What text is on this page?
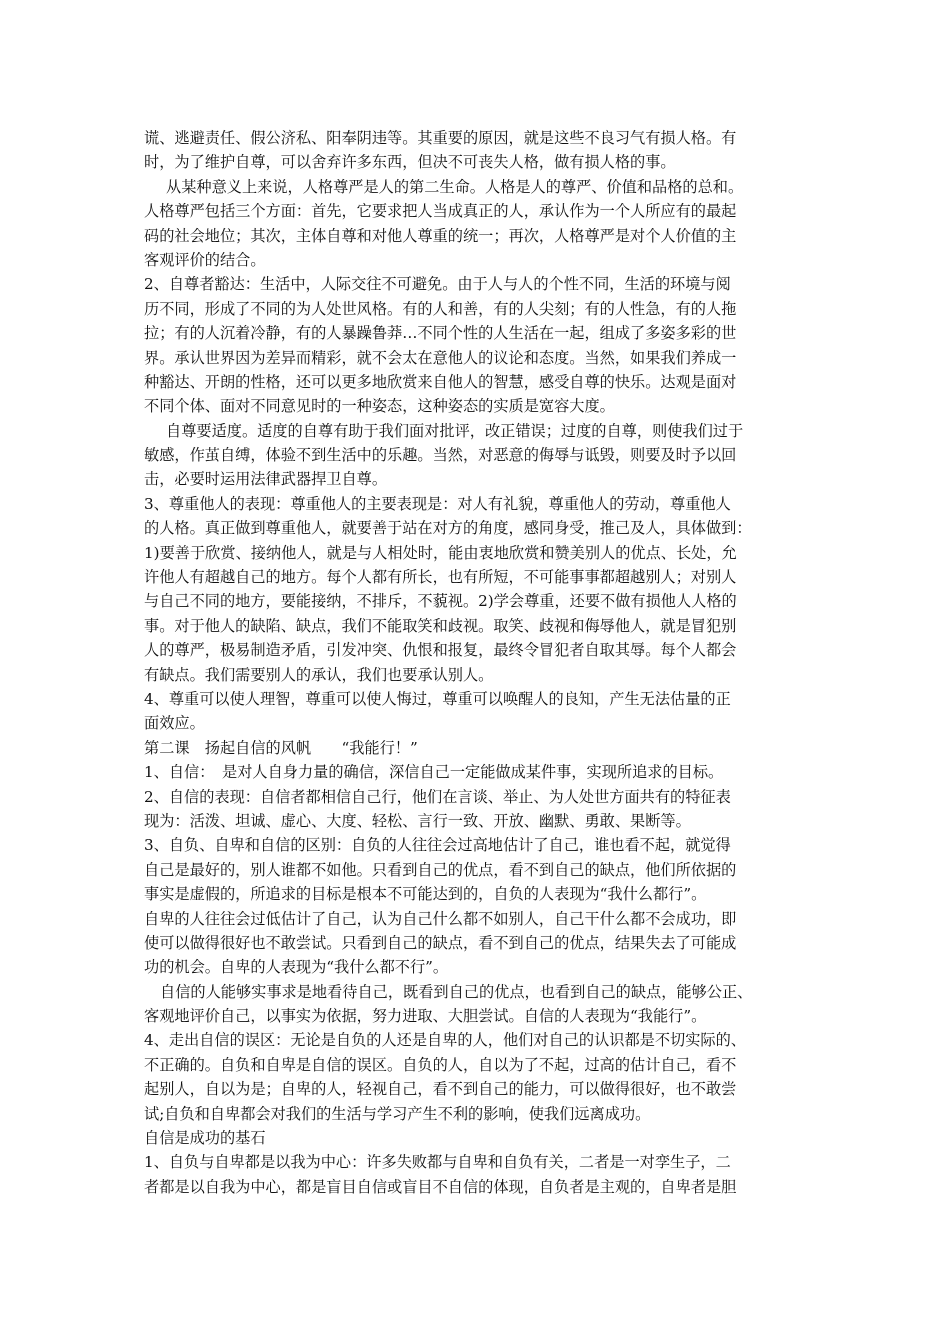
谎、逃避责任、假公济私、阳奉阴违等。其重要的原因，就是这些不良习气有损人格。有
时，为了维护自尊，可以舍弃许多东西，但决不可丧失人格，做有损人格的事。
从某种意义上来说，人格尊严是人的第二生命。人格是人的尊严、价值和品格的总和。
人格尊严包括三个方面：首先，它要求把人当成真正的人，承认作为一个人所应有的最起
码的社会地位；其次，主体自尊和对他人尊重的统一；再次，人格尊严是对个人价值的主
客观评价的结合。
2、自尊者豁达：生活中，人际交往不可避免。由于人与人的个性不同，生活的环境与阅
历不同，形成了不同的为人处世风格。有的人和善，有的人尖刻；有的人性急，有的人拖
拉；有的人沉着冷静，有的人暴躁鲁莽…不同个性的人生活在一起，组成了多姿多彩的世
界。承认世界因为差异而精彩，就不会太在意他人的议论和态度。当然，如果我们养成一
种豁达、开朗的性格，还可以更多地欣赏来自他人的智慧，感受自尊的快乐。达观是面对
不同个体、面对不同意见时的一种姿态，这种姿态的实质是宽容大度。
自尊要适度。适度的自尊有助于我们面对批评，改正错误；过度的自尊，则使我们过于
敏感，作茧自缚，体验不到生活中的乐趣。当然，对恶意的侮辱与诋毁，则要及时予以回
击，必要时运用法律武器捍卫自尊。
3、尊重他人的表现：尊重他人的主要表现是：对人有礼貌，尊重他人的劳动，尊重他人
的人格。真正做到尊重他人，就要善于站在对方的角度，感同身受，推己及人，具体做到：
1)要善于欣赏、接纳他人，就是与人相处时，能由衷地欣赏和赞美别人的优点、长处，允
许他人有超越自己的地方。每个人都有所长，也有所短，不可能事事都超越别人；对别人
与自己不同的地方，要能接纳，不排斥，不藐视。2)学会尊重，还要不做有损他人人格的
事。对于他人的缺陷、缺点，我们不能取笑和歧视。取笑、歧视和侮辱他人，就是冒犯别
人的尊严，极易制造矛盾，引发冲突、仇恨和报复，最终令冒犯者自取其辱。每个人都会
有缺点。我们需要别人的承认，我们也要承认别人。
4、尊重可以使人理智，尊重可以使人悔过，尊重可以唤醒人的良知，产生无法估量的正
面效应。
第二课　扬起自信的风帆　　“我能行！”
1、自信：　是对人自身力量的确信，深信自己一定能做成某件事，实现所追求的目标。
2、自信的表现：自信者都相信自己行，他们在言谈、举止、为人处世方面共有的特征表
现为：活泼、坦诚、虚心、大度、轻松、言行一致、开放、幽默、勇敢、果断等。
3、自负、自卑和自信的区别：自负的人往往会过高地估计了自己，谁也看不起，就觉得
自己是最好的，别人谁都不如他。只看到自己的优点，看不到自己的缺点，他们所依据的
事实是虚假的，所追求的目标是根本不可能达到的，自负的人表现为“我什么都行”。
自卑的人往往会过低估计了自己，认为自己什么都不如别人，自己干什么都不会成功，即
使可以做得很好也不敢尝试。只看到自己的缺点，看不到自己的优点，结果失去了可能成
功的机会。自卑的人表现为“我什么都不行”。
自信的人能够实事求是地看待自己，既看到自己的优点，也看到自己的缺点，能够公正、
客观地评价自己，以事实为依据，努力进取、大胆尝试。自信的人表现为“我能行”。
4、走出自信的误区：无论是自负的人还是自卑的人，他们对自己的认识都是不切实际的、
不正确的。自负和自卑是自信的误区。自负的人，自以为了不起，过高的估计自己，看不
起别人，自以为是；自卑的人，轻视自己，看不到自己的能力，可以做得很好，也不敢尝
试;自负和自卑都会对我们的生活与学习产生不利的影响，使我们远离成功。
自信是成功的基石
1、自负与自卑都是以我为中心：许多失败都与自卑和自负有关，二者是一对孪生子，二
者都是以自我为中心，都是盲目自信或盲目不自信的体现，自负者是主观的，自卑者是胆
